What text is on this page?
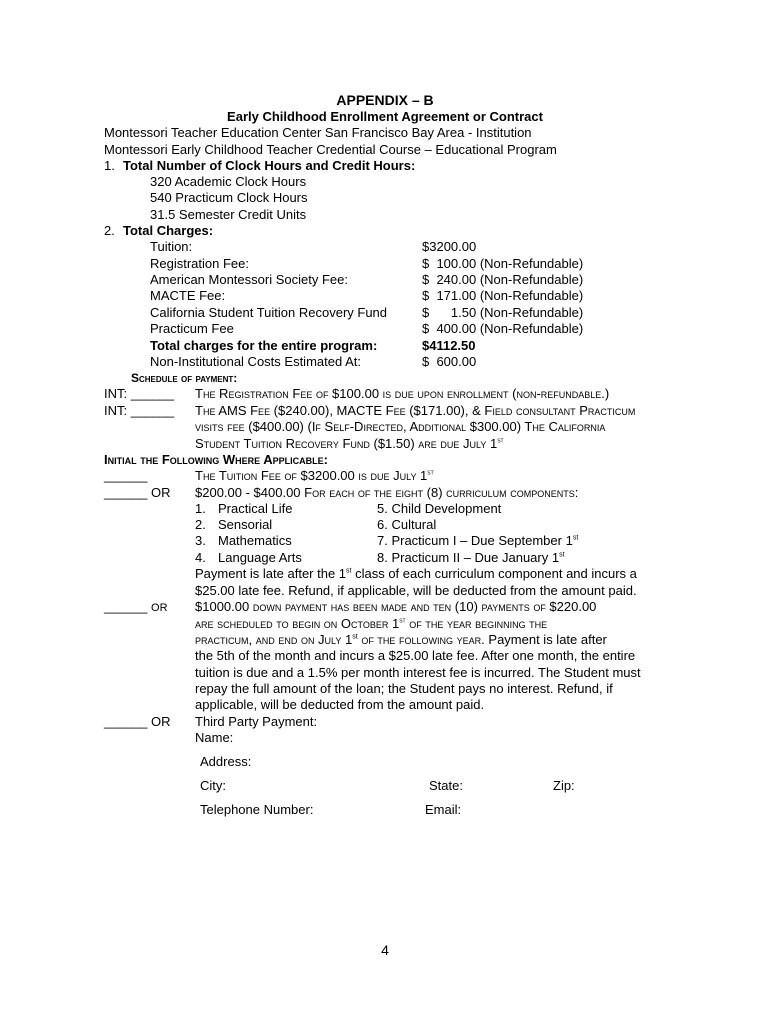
APPENDIX – B
Early Childhood Enrollment Agreement or Contract
Montessori Teacher Education Center San Francisco Bay Area - Institution
Montessori Early Childhood Teacher Credential Course – Educational Program
1. Total Number of Clock Hours and Credit Hours:
320 Academic Clock Hours
540 Practicum Clock Hours
31.5 Semester Credit Units
2. Total Charges:
Tuition:	$3200.00
Registration Fee:	$  100.00 (Non-Refundable)
American Montessori Society Fee:	$  240.00 (Non-Refundable)
MACTE Fee:	$  171.00 (Non-Refundable)
California Student Tuition Recovery Fund	$      1.50 (Non-Refundable)
Practicum Fee	$  400.00 (Non-Refundable)
Total charges for the entire program:	$4112.50
Non-Institutional Costs Estimated At:	$  600.00
Schedule of payment:
INT: ______ The Registration Fee of $100.00 is due upon enrollment (non-refundable.)
INT: ______ The AMS Fee ($240.00), MACTE Fee ($171.00), & Field consultant Practicum
visits fee ($400.00) (If Self-Directed, Additional $300.00) The California
Student Tuition Recovery Fund ($1.50) are due July 1st
Initial the Following Where Applicable:
______	The Tuition Fee of $3200.00 is due July 1st
______ OR $200.00 - $400.00 For each of the eight (8) curriculum components:
1. Practical Life	5. Child Development
2. Sensorial	6. Cultural
3. Mathematics	7. Practicum I – Due September 1st
4. Language Arts	8. Practicum II – Due January 1st
Payment is late after the 1st class of each curriculum component and incurs a
$25.00 late fee. Refund, if applicable, will be deducted from the amount paid.
______ OR $1000.00 down payment has been made and ten (10) payments of $220.00
are scheduled to begin on October 1st of the year beginning the
practicum, and end on July 1st of the following year. Payment is late after
the 5th of the month and incurs a $25.00 late fee. After one month, the entire
tuition is due and a 1.5% per month interest fee is incurred. The Student must
repay the full amount of the loan; the Student pays no interest. Refund, if
applicable, will be deducted from the amount paid.
______ OR Third Party Payment:
Name:
Address:
City:	State:	Zip:
Telephone Number:	Email:
4
